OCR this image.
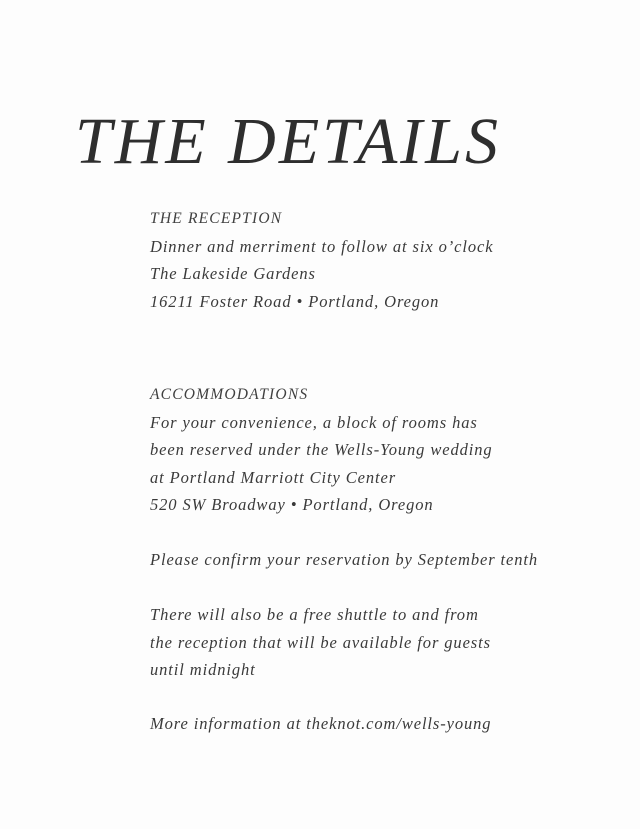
THE DETAILS
THE RECEPTION
Dinner and merriment to follow at six o’clock
The Lakeside Gardens
16211 Foster Road • Portland, Oregon
ACCOMMODATIONS
For your convenience, a block of rooms has
been reserved under the Wells-Young wedding
at Portland Marriott City Center
520 SW Broadway • Portland, Oregon
Please confirm your reservation by September tenth
There will also be a free shuttle to and from
the reception that will be available for guests
until midnight
More information at theknot.com/wells-young
